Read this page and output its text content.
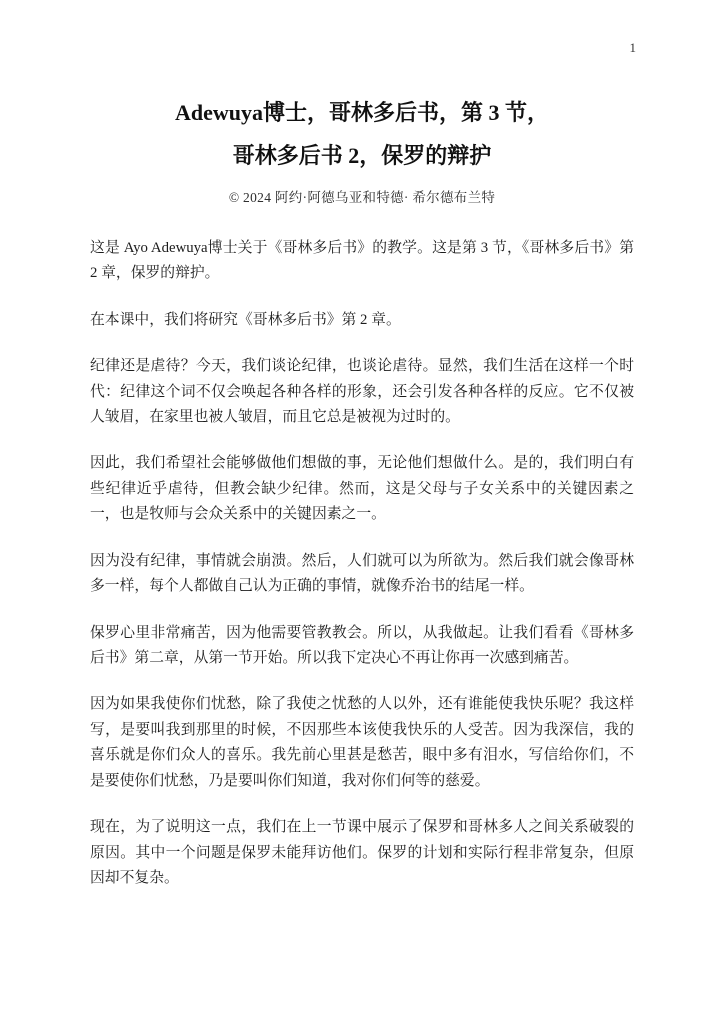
1
Adewuya博士，哥林多后书，第 3 节，
哥林多后书 2，保罗的辩护
© 2024 阿约·阿德乌亚和特德· 希尔德布兰特

这是 Ayo Adewuya博士关于《哥林多后书》的教学。这是第 3 节，《哥林多后书》第 2 章，保罗的辩护。

在本课中，我们将研究《哥林多后书》第 2 章。

纪律还是虐待？今天，我们谈论纪律，也谈论虐待。显然，我们生活在这样一个时代：纪律这个词不仅会唤起各种各样的形象，还会引发各种各样的反应。它不仅被人皱眉，在家里也被人皱眉，而且它总是被视为过时的。

因此，我们希望社会能够做他们想做的事，无论他们想做什么。是的，我们明白有些纪律近乎虐待，但教会缺少纪律。然而，这是父母与子女关系中的关键因素之一，也是牧师与会众关系中的关键因素之一。

因为没有纪律，事情就会崩溃。然后，人们就可以为所欲为。然后我们就会像哥林多一样，每个人都做自己认为正确的事情，就像乔治书的结尾一样。

保罗心里非常痛苦，因为他需要管教教会。所以，从我做起。让我们看看《哥林多后书》第二章，从第一节开始。所以我下定决心不再让你再一次感到痛苦。

因为如果我使你们忧愁，除了我使之忧愁的人以外，还有谁能使我快乐呢？我这样写，是要叫我到那里的时候，不因那些本该使我快乐的人受苦。因为我深信，我的喜乐就是你们众人的喜乐。我先前心里甚是愁苦，眼中多有泪水，写信给你们，不是要使你们忧愁，乃是要叫你们知道，我对你们何等的慈爱。

现在，为了说明这一点，我们在上一节课中展示了保罗和哥林多人之间关系破裂的原因。其中一个问题是保罗未能拜访他们。保罗的计划和实际行程非常复杂，但原因却不复杂。
